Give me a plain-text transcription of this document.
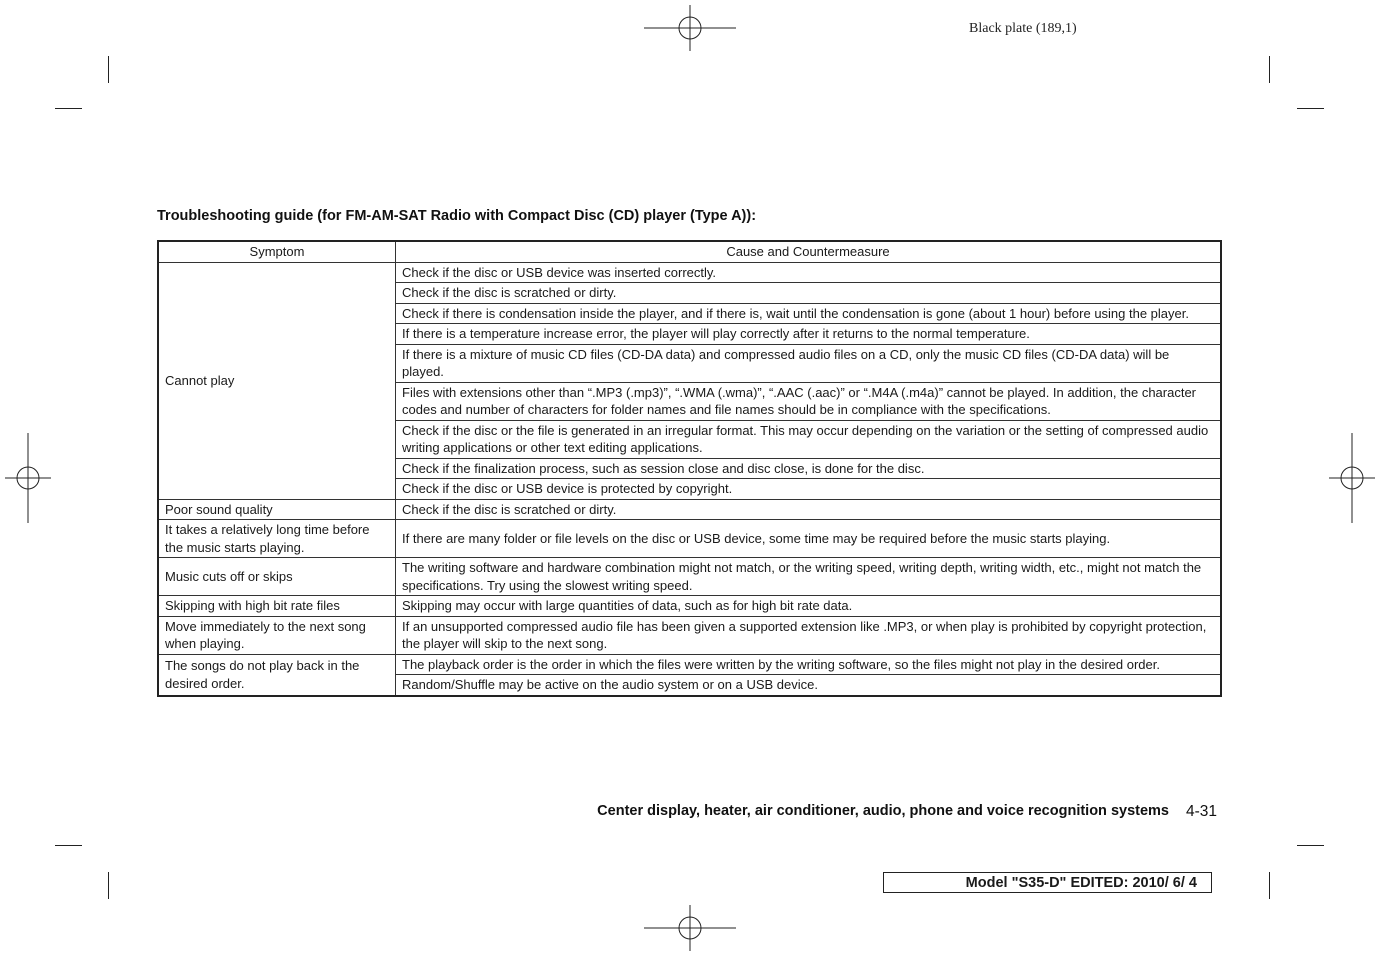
Black plate (189,1)
Troubleshooting guide (for FM-AM-SAT Radio with Compact Disc (CD) player (Type A)):
Symptom	Cause and Countermeasure
Cannot play	Check if the disc or USB device was inserted correctly.
	Check if the disc is scratched or dirty.
	Check if there is condensation inside the player, and if there is, wait until the condensation is gone (about 1 hour) before using the player.
	If there is a temperature increase error, the player will play correctly after it returns to the normal temperature.
	If there is a mixture of music CD files (CD-DA data) and compressed audio files on a CD, only the music CD files (CD-DA data) will be played.
	Files with extensions other than “.MP3 (.mp3)”, “.WMA (.wma)”, “.AAC (.aac)” or “.M4A (.m4a)” cannot be played. In addition, the character codes and number of characters for folder names and file names should be in compliance with the specifications.
	Check if the disc or the file is generated in an irregular format. This may occur depending on the variation or the setting of compressed audio writing applications or other text editing applications.
	Check if the finalization process, such as session close and disc close, is done for the disc.
	Check if the disc or USB device is protected by copyright.
Poor sound quality	Check if the disc is scratched or dirty.
It takes a relatively long time before the music starts playing.	If there are many folder or file levels on the disc or USB device, some time may be required before the music starts playing.
Music cuts off or skips	The writing software and hardware combination might not match, or the writing speed, writing depth, writing width, etc., might not match the specifications. Try using the slowest writing speed.
Skipping with high bit rate files	Skipping may occur with large quantities of data, such as for high bit rate data.
Move immediately to the next song when playing.	If an unsupported compressed audio file has been given a supported extension like .MP3, or when play is prohibited by copyright protection, the player will skip to the next song.
The songs do not play back in the desired order.	The playback order is the order in which the files were written by the writing software, so the files might not play in the desired order.
	Random/Shuffle may be active on the audio system or on a USB device.
Center display, heater, air conditioner, audio, phone and voice recognition systems 4-31
Model "S35-D" EDITED: 2010/ 6/ 4
